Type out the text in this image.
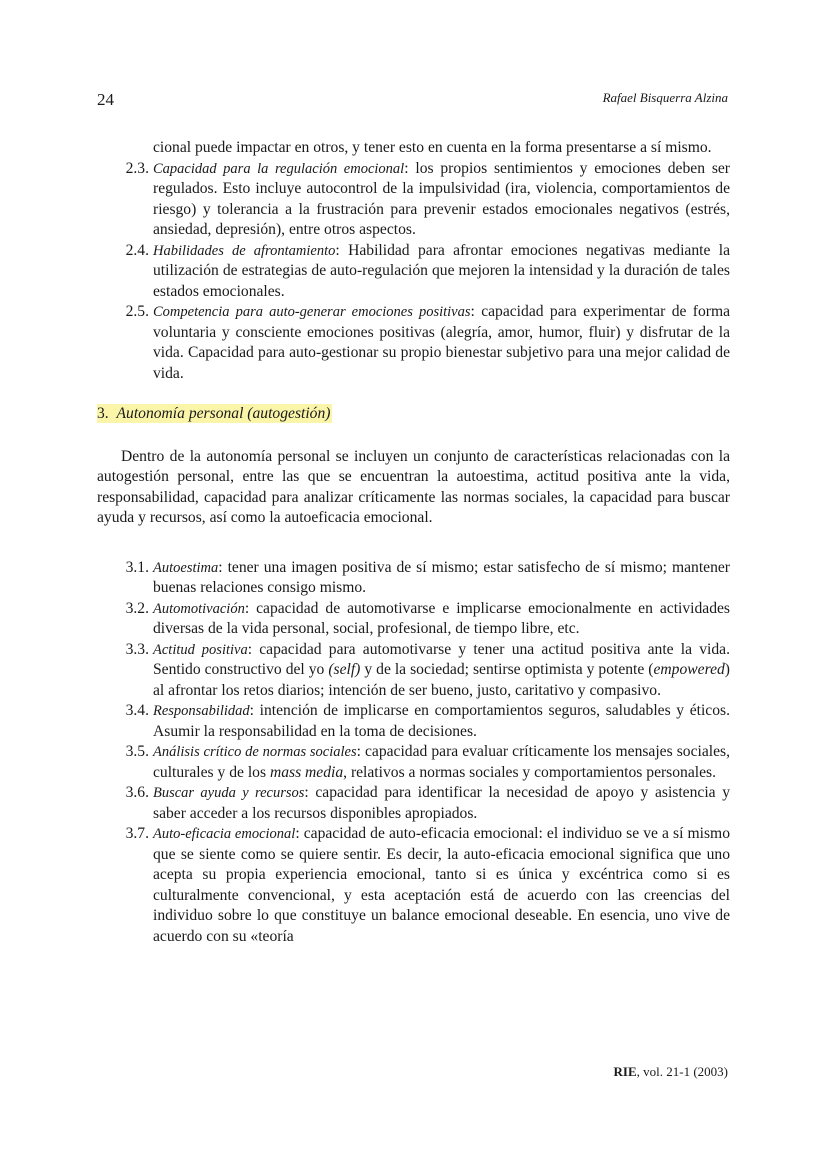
24	Rafael Bisquerra Alzina
cional puede impactar en otros, y tener esto en cuenta en la forma presentarse a sí mismo.
2.3. Capacidad para la regulación emocional: los propios sentimientos y emociones deben ser regulados. Esto incluye autocontrol de la impulsividad (ira, violencia, comportamientos de riesgo) y tolerancia a la frustración para prevenir estados emocionales negativos (estrés, ansiedad, depresión), entre otros aspectos.
2.4. Habilidades de afrontamiento: Habilidad para afrontar emociones negativas mediante la utilización de estrategias de auto-regulación que mejoren la intensidad y la duración de tales estados emocionales.
2.5. Competencia para auto-generar emociones positivas: capacidad para experimentar de forma voluntaria y consciente emociones positivas (alegría, amor, humor, fluir) y disfrutar de la vida. Capacidad para auto-gestionar su propio bienestar subjetivo para una mejor calidad de vida.
3. Autonomía personal (autogestión)
Dentro de la autonomía personal se incluyen un conjunto de características relacionadas con la autogestión personal, entre las que se encuentran la autoestima, actitud positiva ante la vida, responsabilidad, capacidad para analizar críticamente las normas sociales, la capacidad para buscar ayuda y recursos, así como la autoeficacia emocional.
3.1. Autoestima: tener una imagen positiva de sí mismo; estar satisfecho de sí mismo; mantener buenas relaciones consigo mismo.
3.2. Automotivación: capacidad de automotivarse e implicarse emocionalmente en actividades diversas de la vida personal, social, profesional, de tiempo libre, etc.
3.3. Actitud positiva: capacidad para automotivarse y tener una actitud positiva ante la vida. Sentido constructivo del yo (self) y de la sociedad; sentirse optimista y potente (empowered) al afrontar los retos diarios; intención de ser bueno, justo, caritativo y compasivo.
3.4. Responsabilidad: intención de implicarse en comportamientos seguros, saludables y éticos. Asumir la responsabilidad en la toma de decisiones.
3.5. Análisis crítico de normas sociales: capacidad para evaluar críticamente los mensajes sociales, culturales y de los mass media, relativos a normas sociales y comportamientos personales.
3.6. Buscar ayuda y recursos: capacidad para identificar la necesidad de apoyo y asistencia y saber acceder a los recursos disponibles apropiados.
3.7. Auto-eficacia emocional: capacidad de auto-eficacia emocional: el individuo se ve a sí mismo que se siente como se quiere sentir. Es decir, la auto-eficacia emocional significa que uno acepta su propia experiencia emocional, tanto si es única y excéntrica como si es culturalmente convencional, y esta aceptación está de acuerdo con las creencias del individuo sobre lo que constituye un balance emocional deseable. En esencia, uno vive de acuerdo con su «teoría
RIE, vol. 21-1 (2003)
